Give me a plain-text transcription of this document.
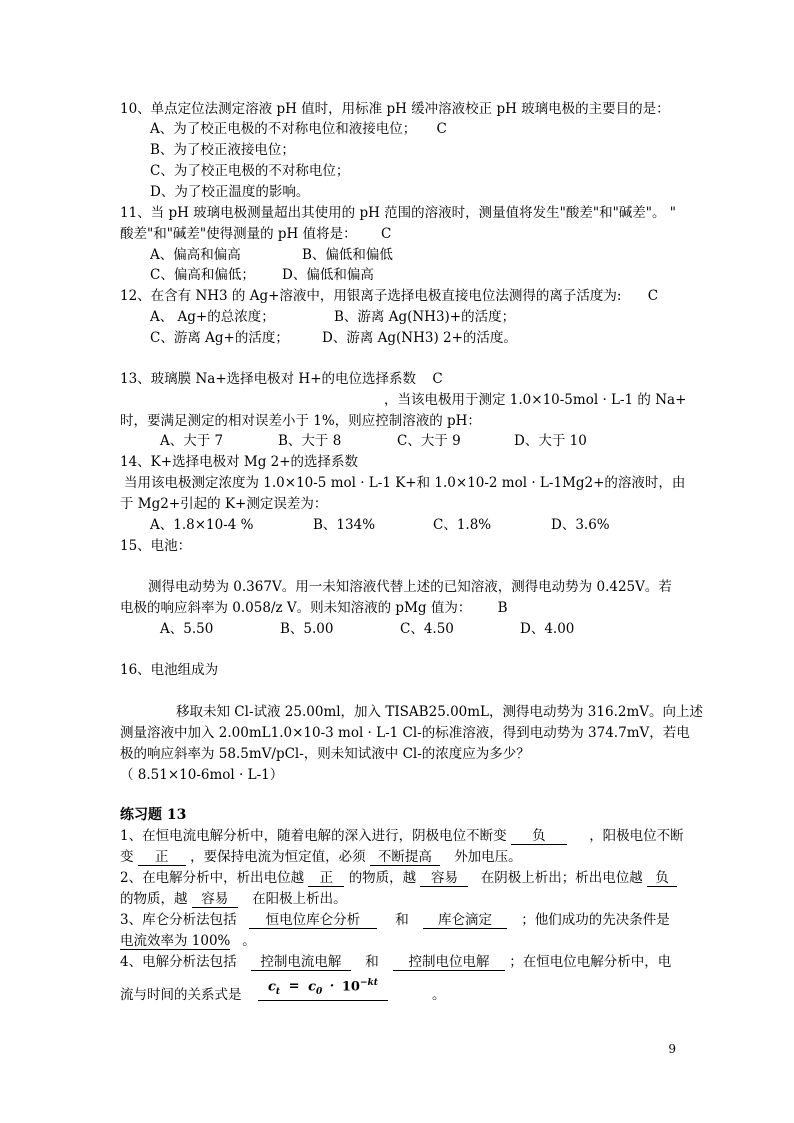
10、单点定位法测定溶液 pH 值时，用标准 pH 缓冲溶液校正 pH 玻璃电极的主要目的是：
A、为了校正电极的不对称电位和液接电位； C
B、为了校正液接电位；
C、为了校正电极的不对称电位；
D、为了校正温度的影响。
11、当 pH 玻璃电极测量超出其使用的 pH 范围的溶液时，测量值将发生"酸差"和"碱差"。 "
酸差"和"碱差"使得测量的 pH 值将是： C
A、偏高和偏高	B、偏低和偏低
C、偏高和偏低； D、偏低和偏高
12、在含有 NH3 的 Ag+溶液中，用银离子选择电极直接电位法测得的离子活度为: C
A、 Ag+的总浓度；	B、游离 Ag(NH3)+的活度；
C、游离 Ag+的活度； D、游离 Ag(NH3) 2+的活度。
13、玻璃膜 Na+选择电极对 H+的电位选择系数 C
，当该电极用于测定 1.0×10-5mol · L-1 的 Na+
时，要满足测定的相对误差小于 1%，则应控制溶液的 pH：
A、大于 7	B、大于 8	C、大于 9	D、大于 10
14、K+选择电极对 Mg 2+的选择系数
当用该电极测定浓度为 1.0×10-5 mol · L-1 K+和 1.0×10-2 mol · L-1Mg2+的溶液时，由
于 Mg2+引起的 K+测定误差为：
A、1.8×10-4 %	B、134%	C、1.8%	D、3.6%
15、电池：
测得电动势为 0.367V。用一未知溶液代替上述的已知溶液，测得电动势为 0.425V。若
电极的响应斜率为 0.058/z V。则未知溶液的 pMg 值为： B
A、5.50	B、5.00	C、4.50	D、4.00
16、电池组成为
移取未知 Cl-试液 25.00ml，加入 TISAB25.00mL，测得电动势为 316.2mV。向上述
测量溶液中加入 2.00mL1.0×10-3 mol · L-1 Cl-的标准溶液，得到电动势为 374.7mV，若电
极的响应斜率为 58.5mV/pCl-，则未知试液中 Cl-的浓度应为多少？
（ 8.51×10-6mol · L-1）
练习题 13
1、在恒电流电解分析中，随着电解的深入进行，阴极电位不断变 负	，阳极电位不断
变 正 ，要保持电流为恒定值，必须 不断提高 外加电压。
2、在电解分析中，析出电位越 正 的物质，越 容易 在阴极上析出；析出电位越 负
的物质，越 容易 在阳极上析出。
3、库仑分析法包括 恒电位库仑分析	和 库仑滴定 ；他们成功的先决条件是
电流效率为 100% 。
4、电解分析法包括 控制电流电解 和 控制电位电解 ；在恒电位电解分析中，电
流与时间的关系式是
$c_t = c_0 \cdot 10^{-kt}$
。
9
